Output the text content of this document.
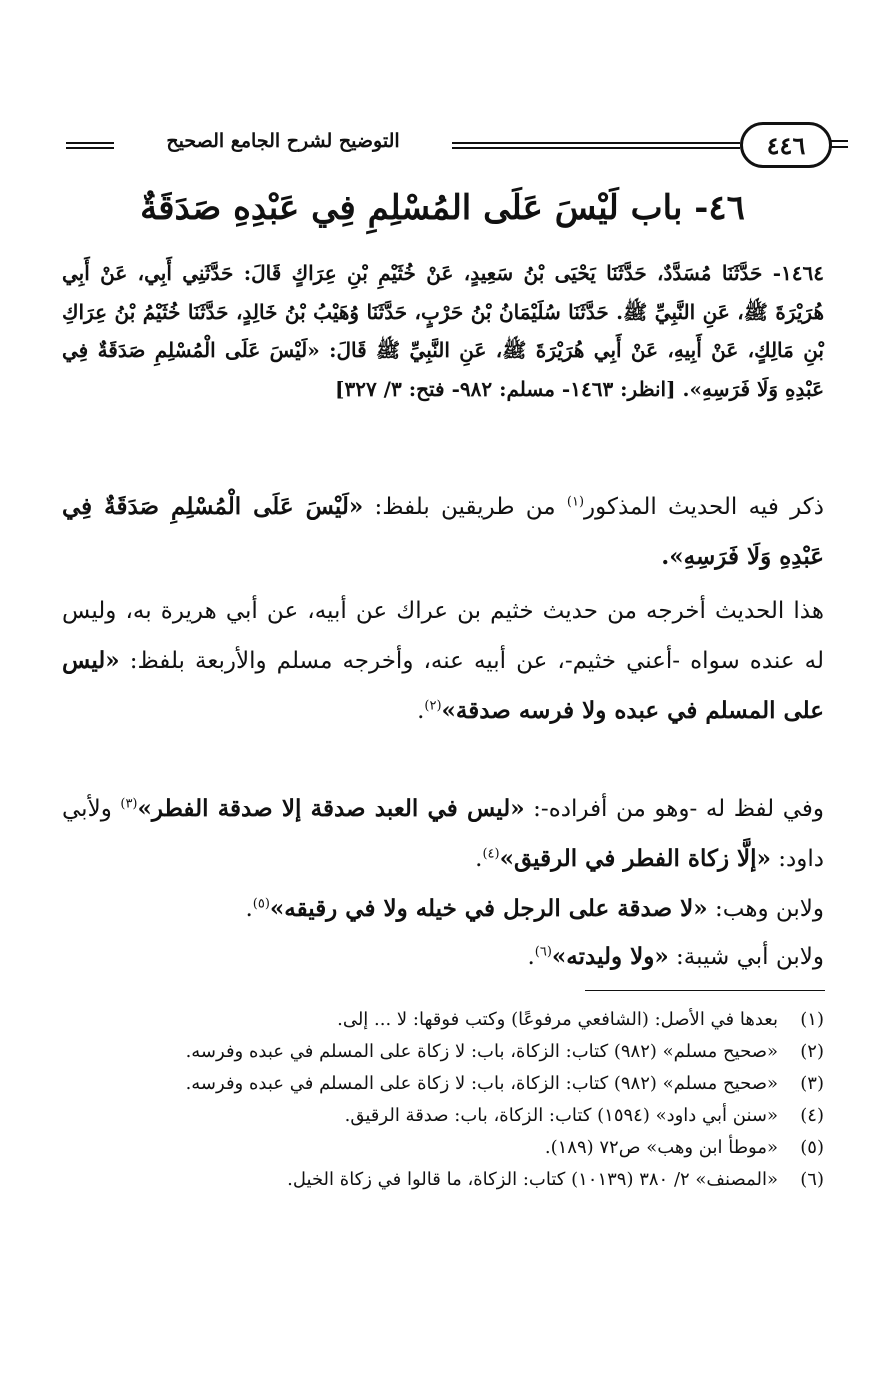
التوضيح لشرح الجامع الصحيح	٤٤٦
٤٦- باب لَيْسَ عَلَى المُسْلِمِ فِي عَبْدِهِ صَدَقَةٌ

١٤٦٤- حَدَّثَنَا مُسَدَّدٌ، حَدَّثَنَا يَحْيَى بْنُ سَعِيدٍ، عَنْ خُثَيْمِ بْنِ عِرَاكٍ قَالَ: حَدَّثَنِي أَبِي، عَنْ أَبِي هُرَيْرَةَ ﷺ، عَنِ النَّبِيِّ ﷺ. حَدَّثَنَا سُلَيْمَانُ بْنُ حَرْبٍ، حَدَّثَنَا وُهَيْبُ بْنُ خَالِدٍ، حَدَّثَنَا خُثَيْمُ بْنُ عِرَاكِ بْنِ مَالِكٍ، عَنْ أَبِيهِ، عَنْ أَبِي هُرَيْرَةَ ﷺ، عَنِ النَّبِيِّ ﷺ قَالَ: «لَيْسَ عَلَى الْمُسْلِمِ صَدَقَةٌ فِي عَبْدِهِ وَلَا فَرَسِهِ». [انظر: ١٤٦٣- مسلم: ٩٨٢- فتح: ٣/ ٣٢٧]

ذكر فيه الحديث المذكور$^{(١)}$ من طريقين بلفظ: «لَيْسَ عَلَى الْمُسْلِمِ صَدَقَةٌ فِي عَبْدِهِ وَلَا فَرَسِهِ».

هذا الحديث أخرجه من حديث خثيم بن عراك عن أبيه، عن أبي هريرة به، وليس له عنده سواه -أعني خثيم-، عن أبيه عنه، وأخرجه مسلم والأربعة بلفظ: «ليس على المسلم في عبده ولا فرسه صدقة»$^{(٢)}$.

وفي لفظ له -وهو من أفراده-: «ليس في العبد صدقة إلا صدقة الفطر»$^{(٣)}$ ولأبي داود: «إلَّا زكاة الفطر في الرقيق»$^{(٤)}$.

ولابن وهب: «لا صدقة على الرجل في خيله ولا في رقيقه»$^{(٥)}$.

ولابن أبي شيبة: «ولا وليدته»$^{(٦)}$.

(١)
بعدها في الأصل: (الشافعي مرفوعًا) وكتب فوقها: لا ... إلى.
(٢)
«صحيح مسلم» (٩٨٢) كتاب: الزكاة، باب: لا زكاة على المسلم في عبده وفرسه.
(٣)
«صحيح مسلم» (٩٨٢) كتاب: الزكاة، باب: لا زكاة على المسلم في عبده وفرسه.
(٤)
«سنن أبي داود» (١٥٩٤) كتاب: الزكاة، باب: صدقة الرقيق.
(٥)
«موطأ ابن وهب» ص٧٢ (١٨٩).
(٦)
«المصنف» ٢/ ٣٨٠ (١٠١٣٩) كتاب: الزكاة، ما قالوا في زكاة الخيل.
